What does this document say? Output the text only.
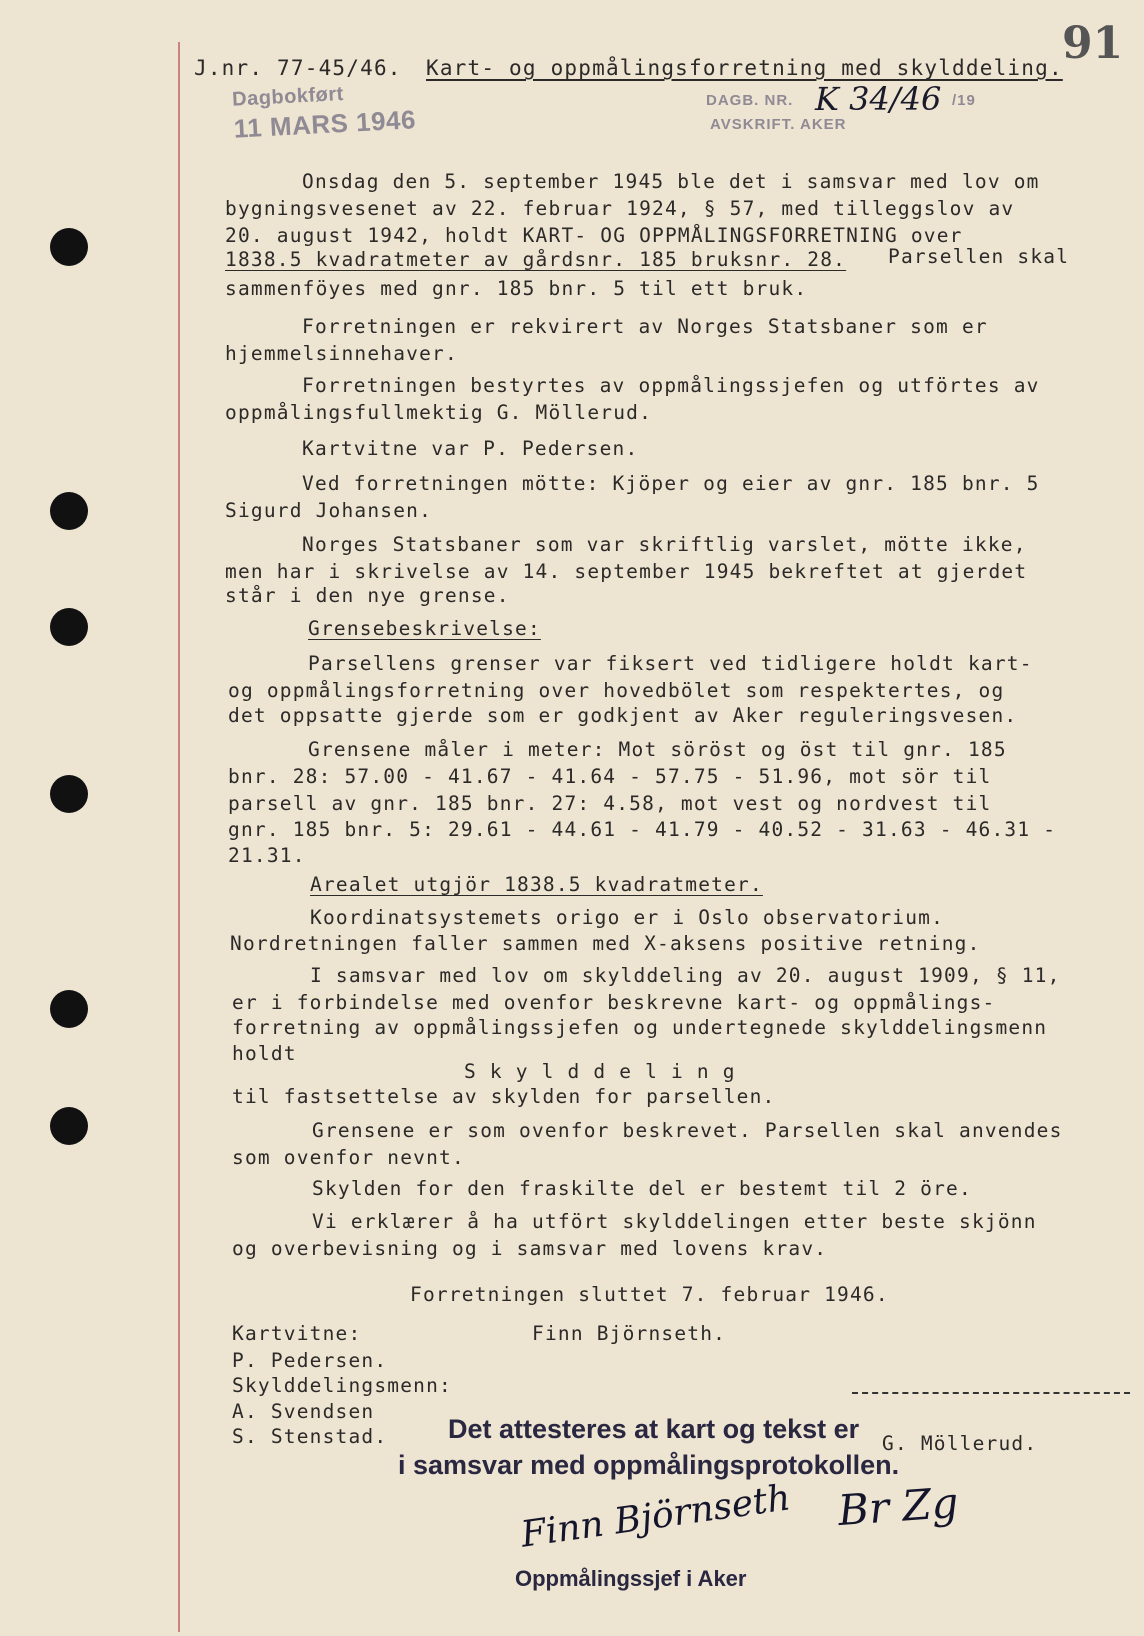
J.nr. 77-45/46. Kart- og oppmålingsforretning med skylddeling. 91
Dagbokført
11 MARS 1946
DAGB. NR. K 34/46 /19
AVSKRIFT. AKER
Onsdag den 5. september 1945 ble det i samsvar med lov om
bygningsvesenet av 22. februar 1924, § 57, med tilleggslov av
20. august 1942, holdt KART- OG OPPMÅLINGSFORRETNING over
1838.5 kvadratmeter av gårdsnr. 185 bruksnr. 28. Parsellen skal
sammenföyes med gnr. 185 bnr. 5 til ett bruk.
Forretningen er rekvirert av Norges Statsbaner som er
hjemmelsinnehaver.
Forretningen bestyrtes av oppmålingssjefen og utförtes av
oppmålingsfullmektig G. Möllerud.
Kartvitne var P. Pedersen.
Ved forretningen mötte: Kjöper og eier av gnr. 185 bnr. 5
Sigurd Johansen.
Norges Statsbaner som var skriftlig varslet, mötte ikke,
men har i skrivelse av 14. september 1945 bekreftet at gjerdet
står i den nye grense.
Grensebeskrivelse:
Parsellens grenser var fiksert ved tidligere holdt kart-
og oppmålingsforretning over hovedbölet som respektertes, og
det oppsatte gjerde som er godkjent av Aker reguleringsvesen.
Grensene måler i meter: Mot söröst og öst til gnr. 185
bnr. 28: 57.00 - 41.67 - 41.64 - 57.75 - 51.96, mot sör til
parsell av gnr. 185 bnr. 27: 4.58, mot vest og nordvest til
gnr. 185 bnr. 5: 29.61 - 44.61 - 41.79 - 40.52 - 31.63 - 46.31 -
21.31.
Arealet utgjör 1838.5 kvadratmeter.
Koordinatsystemets origo er i Oslo observatorium.
Nordretningen faller sammen med X-aksens positive retning.
I samsvar med lov om skylddeling av 20. august 1909, § 11,
er i forbindelse med ovenfor beskrevne kart- og oppmålings-
forretning av oppmålingssjefen og undertegnede skylddelingsmenn
holdt
S k y l d d e l i n g
til fastsettelse av skylden for parsellen.
Grensene er som ovenfor beskrevet. Parsellen skal anvendes
som ovenfor nevnt.
Skylden for den fraskilte del er bestemt til 2 öre.
Vi erklærer å ha utfört skylddelingen etter beste skjönn
og overbevisning og i samsvar med lovens krav.
Forretningen sluttet 7. februar 1946.
Kartvitne:	Finn Björnseth.
P. Pedersen.
Skylddelingsmenn:
A. Svendsen
S. Stenstad.	G. Möllerud.
Det attesteres at kart og tekst er
i samsvar med oppmålingsprotokollen.
Finn Björnseth Br Zg
Oppmålingssjef i Aker
